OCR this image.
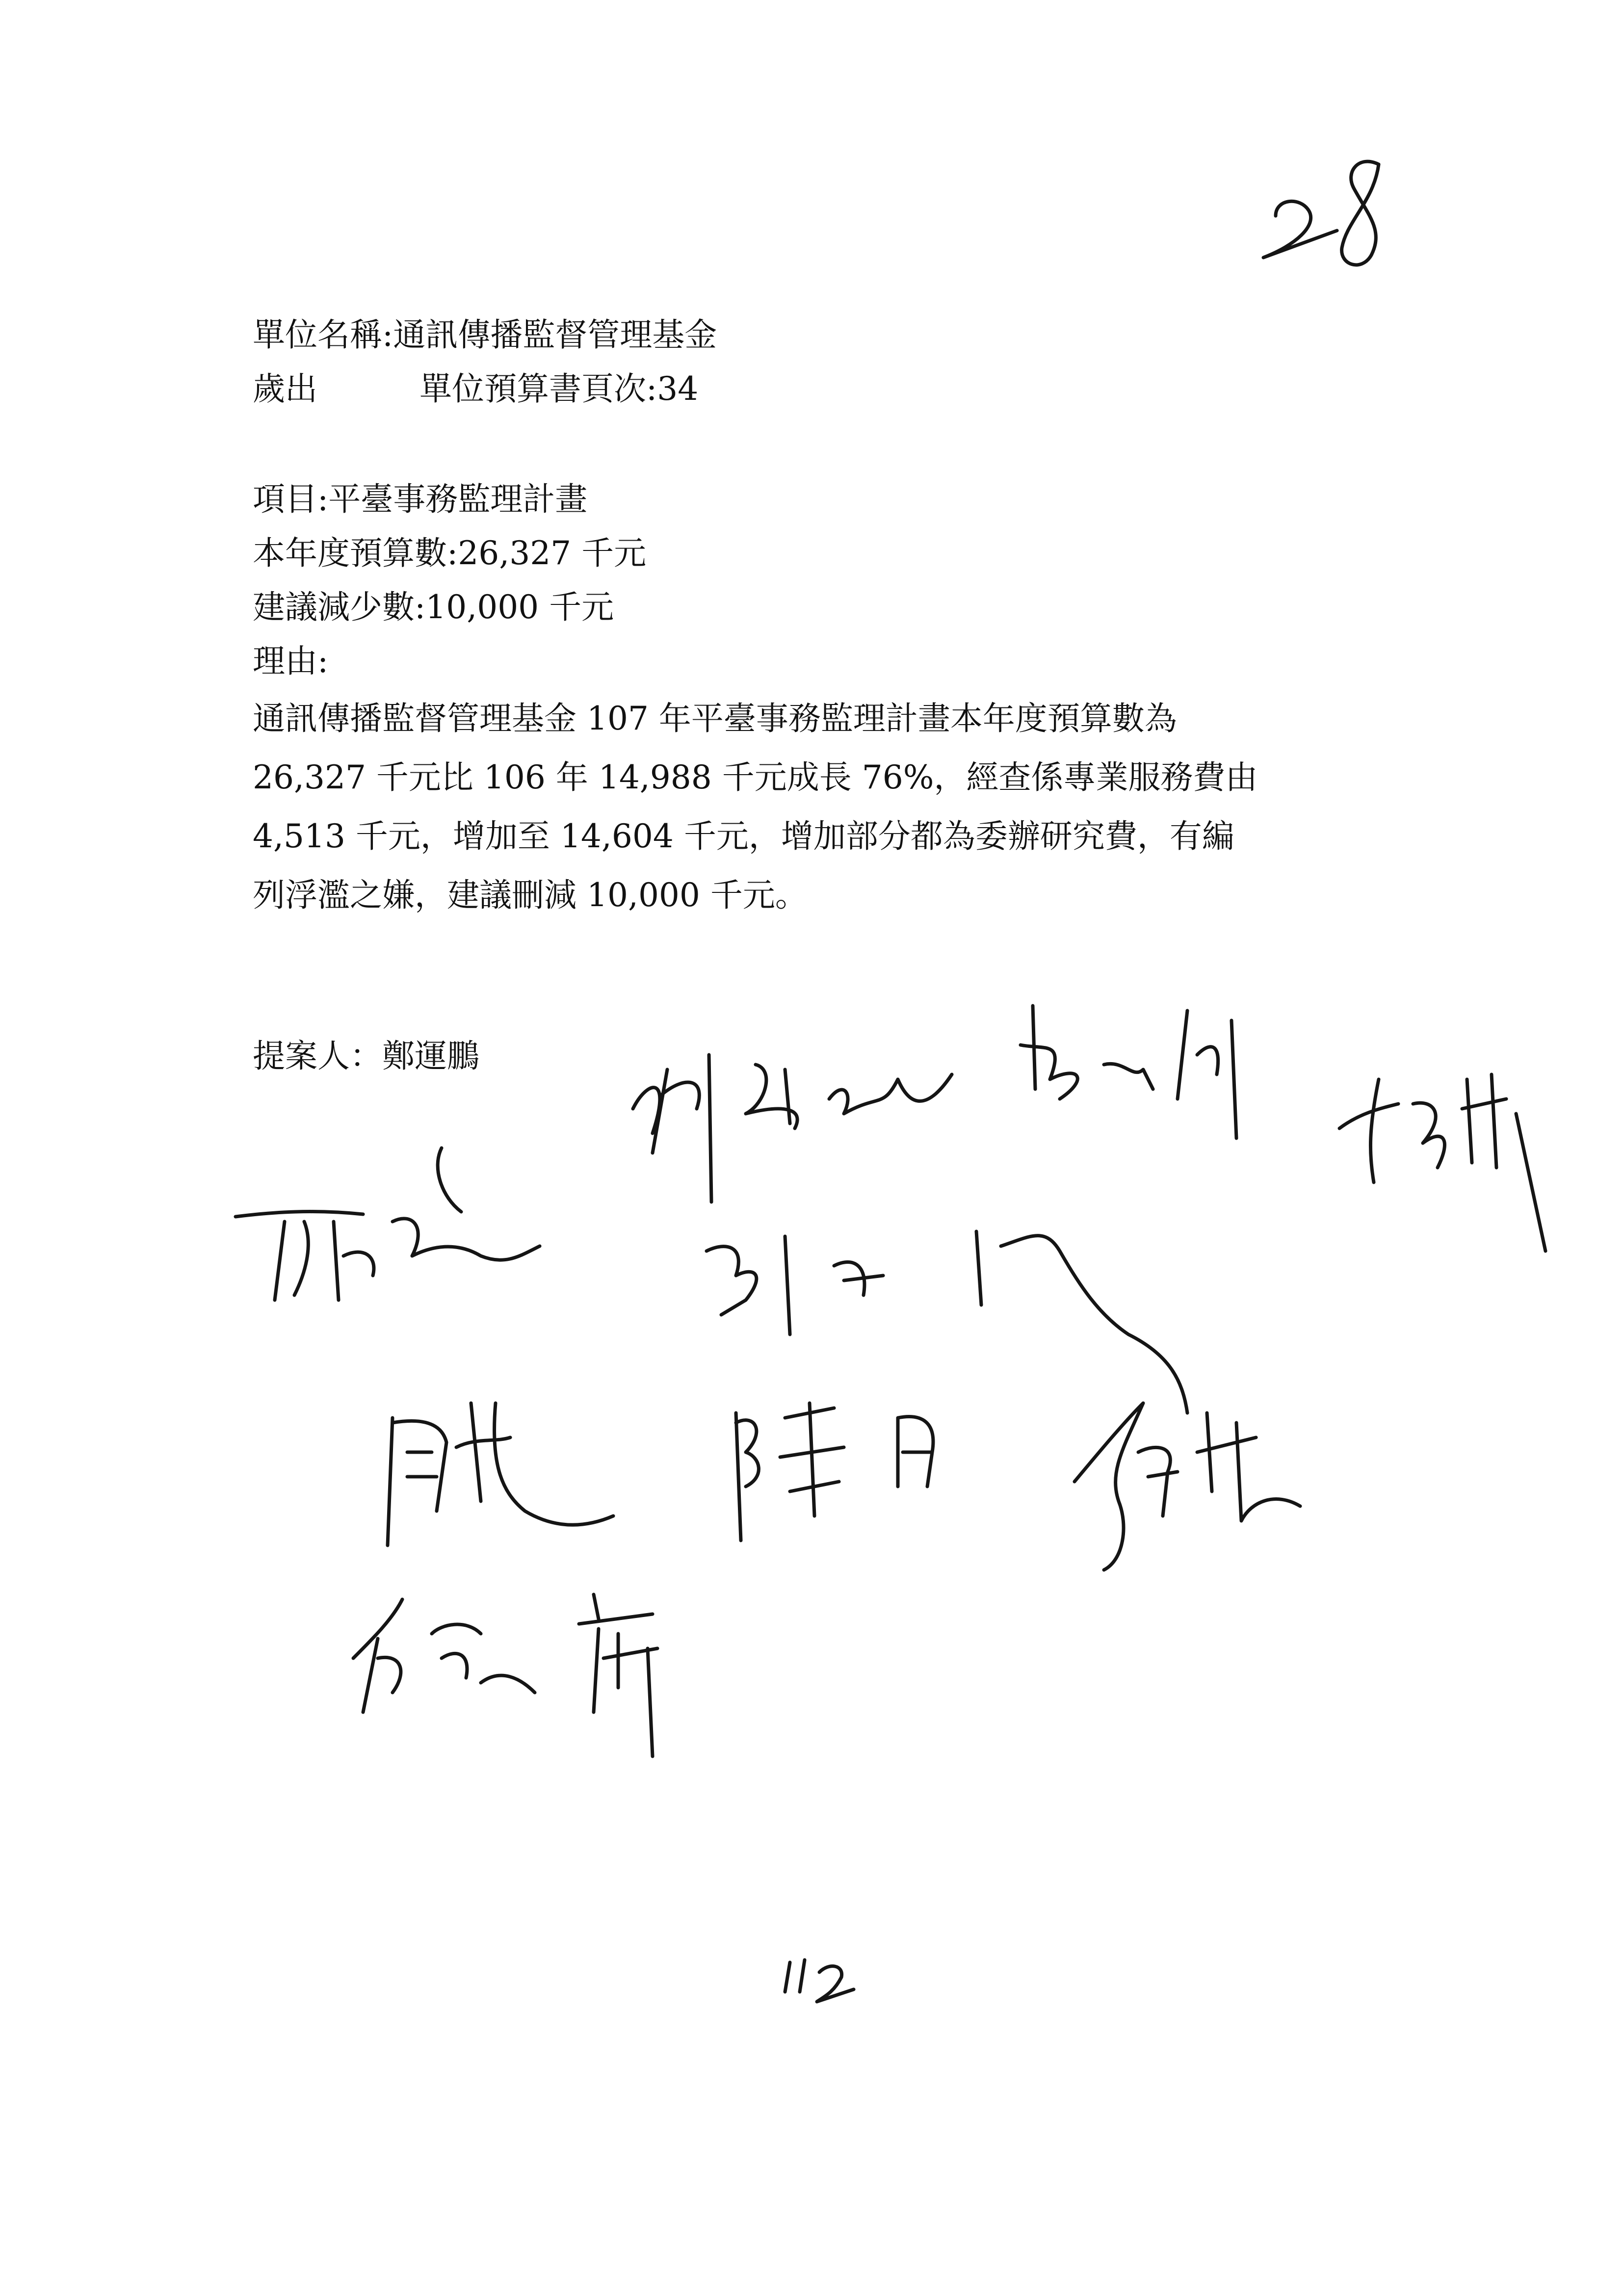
單位名稱:通訊傳播監督管理基金
歲出	單位預算書頁次:34
項目:平臺事務監理計畫
本年度預算數:26,327 千元
建議減少數:10,000 千元
理由:
通訊傳播監督管理基金 107 年平臺事務監理計畫本年度預算數為
26,327 千元比 106 年 14,988 千元成長 76%，經查係專業服務費由
4,513 千元，增加至 14,604 千元，增加部分都為委辦研究費，有編
列浮濫之嫌，建議刪減 10,000 千元。
提案人：鄭運鵬
